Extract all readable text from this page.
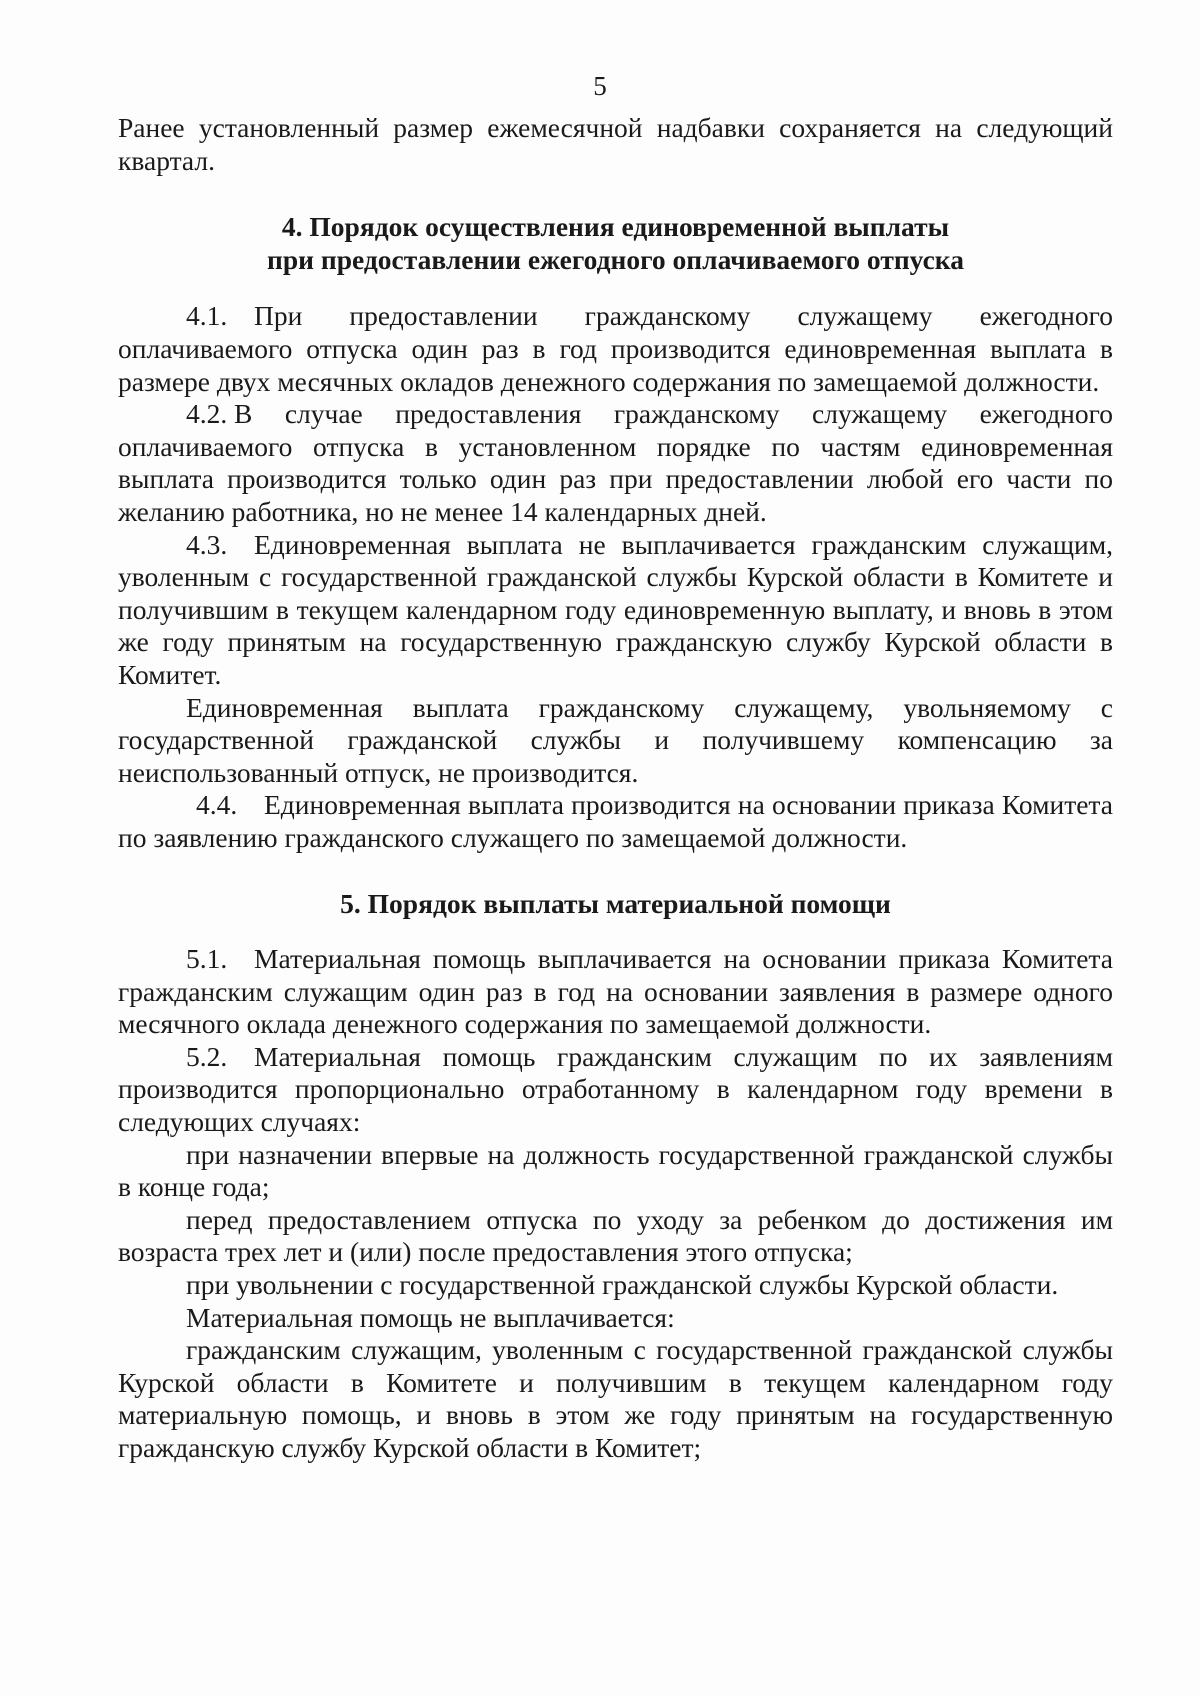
5

Ранее установленный размер ежемесячной надбавки сохраняется на следующий квартал.

4. Порядок осуществления единовременной выплаты

при предоставлении ежегодного оплачиваемого отпуска

4.1. При предоставлении гражданскому служащему ежегодного оплачиваемого отпуска один раз в год производится единовременная выплата в размере двух месячных окладов денежного содержания по замещаемой должности.

4.2. В случае предоставления гражданскому служащему ежегодного оплачиваемого отпуска в установленном порядке по частям единовременная выплата производится только один раз при предоставлении любой его части по желанию работника, но не менее 14 календарных дней.

4.3. Единовременная выплата не выплачивается гражданским служащим, уволенным с государственной гражданской службы Курской области в Комитете и получившим в текущем календарном году единовременную выплату, и вновь в этом же году принятым на государственную гражданскую службу Курской области в Комитет.

Единовременная выплата гражданскому служащему, увольняемому с государственной гражданской службы и получившему компенсацию за неиспользованный отпуск, не производится.

4.4. Единовременная выплата производится на основании приказа Комитета по заявлению гражданского служащего по замещаемой должности.

5. Порядок выплаты материальной помощи

5.1. Материальная помощь выплачивается на основании приказа Комитета гражданским служащим один раз в год на основании заявления в размере одного месячного оклада денежного содержания по замещаемой должности.

5.2. Материальная помощь гражданским служащим по их заявлениям производится пропорционально отработанному в календарном году времени в следующих случаях:

при назначении впервые на должность государственной гражданской службы в конце года;

перед предоставлением отпуска по уходу за ребенком до достижения им возраста трех лет и (или) после предоставления этого отпуска;

при увольнении с государственной гражданской службы Курской области.

Материальная помощь не выплачивается:

гражданским служащим, уволенным с государственной гражданской службы Курской области в Комитете и получившим в текущем календарном году материальную помощь, и вновь в этом же году принятым на государственную гражданскую службу Курской области в Комитет;
